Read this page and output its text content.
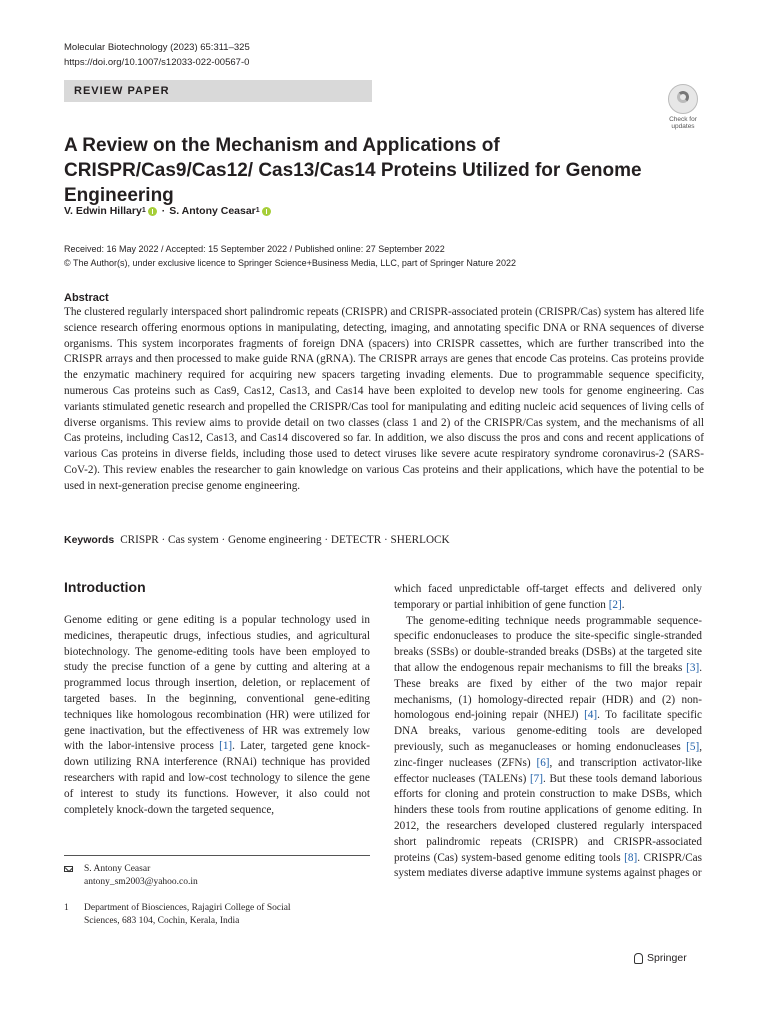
Molecular Biotechnology (2023) 65:311–325
https://doi.org/10.1007/s12033-022-00567-0
REVIEW PAPER
Check for
updates
A Review on the Mechanism and Applications of CRISPR/Cas9/Cas12/ Cas13/Cas14 Proteins Utilized for Genome Engineering
V. Edwin Hillary 1 · S. Antony Ceasar 1
Received: 16 May 2022 / Accepted: 15 September 2022 / Published online: 27 September 2022
© The Author(s), under exclusive licence to Springer Science+Business Media, LLC, part of Springer Nature 2022
Abstract
The clustered regularly interspaced short palindromic repeats (CRISPR) and CRISPR-associated protein (CRISPR/Cas) system has altered life science research offering enormous options in manipulating, detecting, imaging, and annotating specific DNA or RNA sequences of diverse organisms. This system incorporates fragments of foreign DNA (spacers) into CRISPR cassettes, which are further transcribed into the CRISPR arrays and then processed to make guide RNA (gRNA). The CRISPR arrays are genes that encode Cas proteins. Cas proteins provide the enzymatic machinery required for acquiring new spacers targeting invading elements. Due to programmable sequence specificity, numerous Cas proteins such as Cas9, Cas12, Cas13, and Cas14 have been exploited to develop new tools for genome engineering. Cas variants stimulated genetic research and propelled the CRISPR/Cas tool for manipulating and editing nucleic acid sequences of living cells of diverse organisms. This review aims to provide detail on two classes (class 1 and 2) of the CRISPR/Cas system, and the mechanisms of all Cas proteins, including Cas12, Cas13, and Cas14 discovered so far. In addition, we also discuss the pros and cons and recent applications of various Cas proteins in diverse fields, including those used to detect viruses like severe acute respiratory syndrome coronavirus-2 (SARS-CoV-2). This review enables the researcher to gain knowledge on various Cas proteins and their applications, which have the potential to be used in next-generation precise genome engineering.
Keywords CRISPR · Cas system · Genome engineering · DETECTR · SHERLOCK
Introduction

Genome editing or gene editing is a popular technology used in medicines, therapeutic drugs, infectious studies, and agricultural biotechnology. The genome-editing tools have been employed to study the precise function of a gene by cutting and altering at a programmed locus through insertion, deletion, or replacement of targeted bases. In the beginning, conventional gene-editing techniques like homologous recombination (HR) were utilized for gene inactivation, but the effectiveness of HR was extremely low with the labor-intensive process [1]. Later, targeted gene knock-down utilizing RNA interference (RNAi) technique has provided researchers with rapid and low-cost technology to silence the gene of interest to study its functions. However, it also could not completely knock-down the targeted sequence,

which faced unpredictable off-target effects and delivered only temporary or partial inhibition of gene function [2].

The genome-editing technique needs programmable sequence-specific endonucleases to produce the site-specific single-stranded breaks (SSBs) or double-stranded breaks (DSBs) at the targeted site that allow the endogenous repair mechanisms to fill the breaks [3]. These breaks are fixed by either of the two major repair mechanisms, (1) homology-directed repair (HDR) and (2) non-homologous end-joining repair (NHEJ) [4]. To facilitate specific DNA breaks, various genome-editing tools are developed previously, such as meganucleases or homing endonucleases [5], zinc-finger nucleases (ZFNs) [6], and transcription activator-like effector nucleases (TALENs) [7]. But these tools demand laborious efforts for cloning and protein construction to make DSBs, which hinders these tools from routine applications of genome editing. In 2012, the researchers developed clustered regularly interspaced short palindromic repeats (CRISPR) and CRISPR-associated proteins (Cas) system-based genome editing tools [8]. CRISPR/Cas system mediates diverse adaptive immune systems against phages or

S. Antony Ceasar
antony_sm2003@yahoo.co.in
1 Department of Biosciences, Rajagiri College of Social
Sciences, 683 104, Cochin, Kerala, India
Springer
